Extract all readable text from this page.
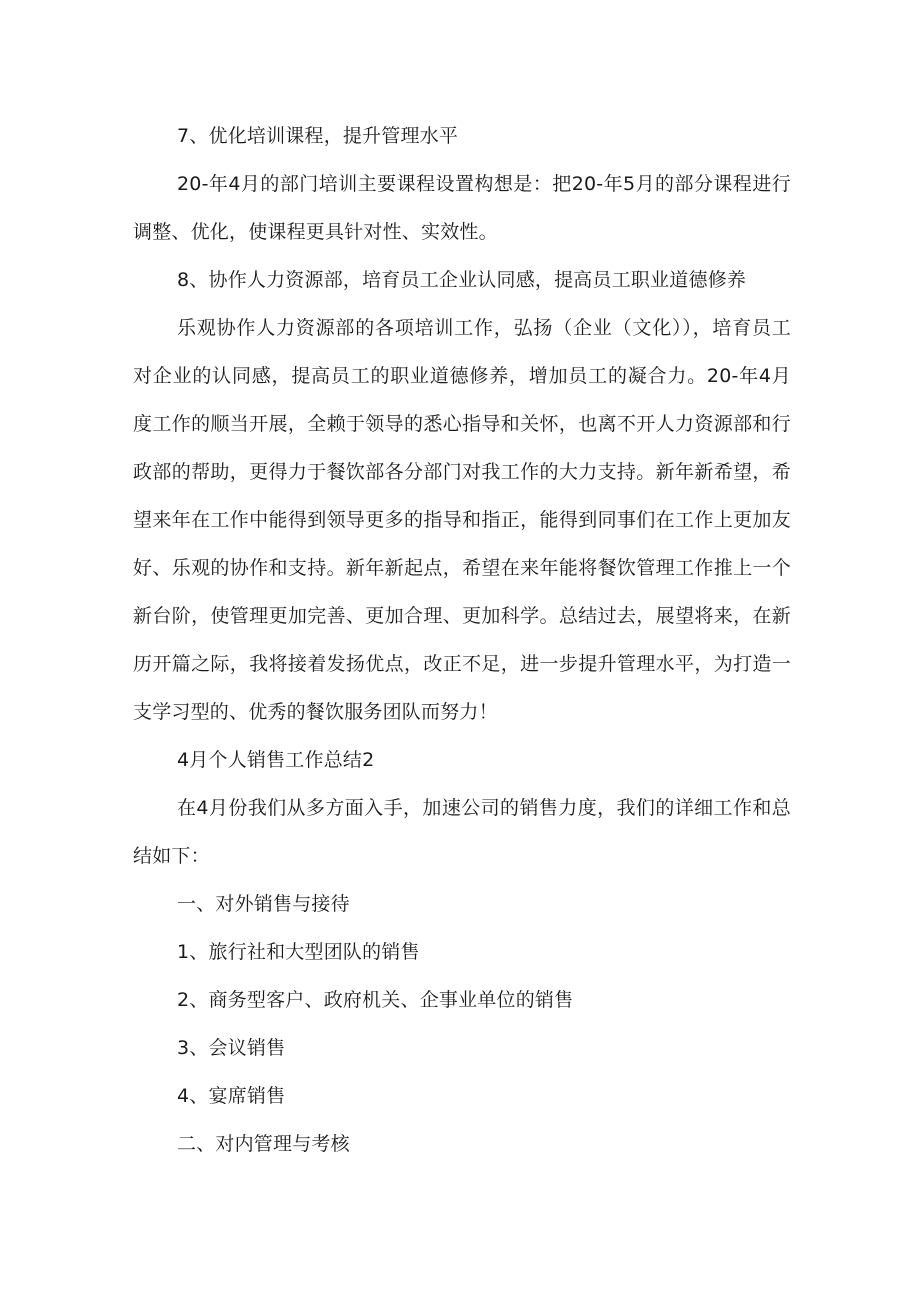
7、优化培训课程，提升管理水平

20-年4月的部门培训主要课程设置构想是：把20-年5月的部分课程进行调整、优化，使课程更具针对性、实效性。

8、协作人力资源部，培育员工企业认同感，提高员工职业道德修养

乐观协作人力资源部的各项培训工作，弘扬（企业（文化）），培育员工对企业的认同感，提高员工的职业道德修养，增加员工的凝合力。20-年4月度工作的顺当开展，全赖于领导的悉心指导和关怀，也离不开人力资源部和行政部的帮助，更得力于餐饮部各分部门对我工作的大力支持。新年新希望，希望来年在工作中能得到领导更多的指导和指正，能得到同事们在工作上更加友好、乐观的协作和支持。新年新起点，希望在来年能将餐饮管理工作推上一个新台阶，使管理更加完善、更加合理、更加科学。总结过去，展望将来，在新历开篇之际，我将接着发扬优点，改正不足，进一步提升管理水平，为打造一支学习型的、优秀的餐饮服务团队而努力！

4月个人销售工作总结2

在4月份我们从多方面入手，加速公司的销售力度，我们的详细工作和总结如下：

一、对外销售与接待

1、旅行社和大型团队的销售

2、商务型客户、政府机关、企事业单位的销售

3、会议销售

4、宴席销售

二、对内管理与考核
